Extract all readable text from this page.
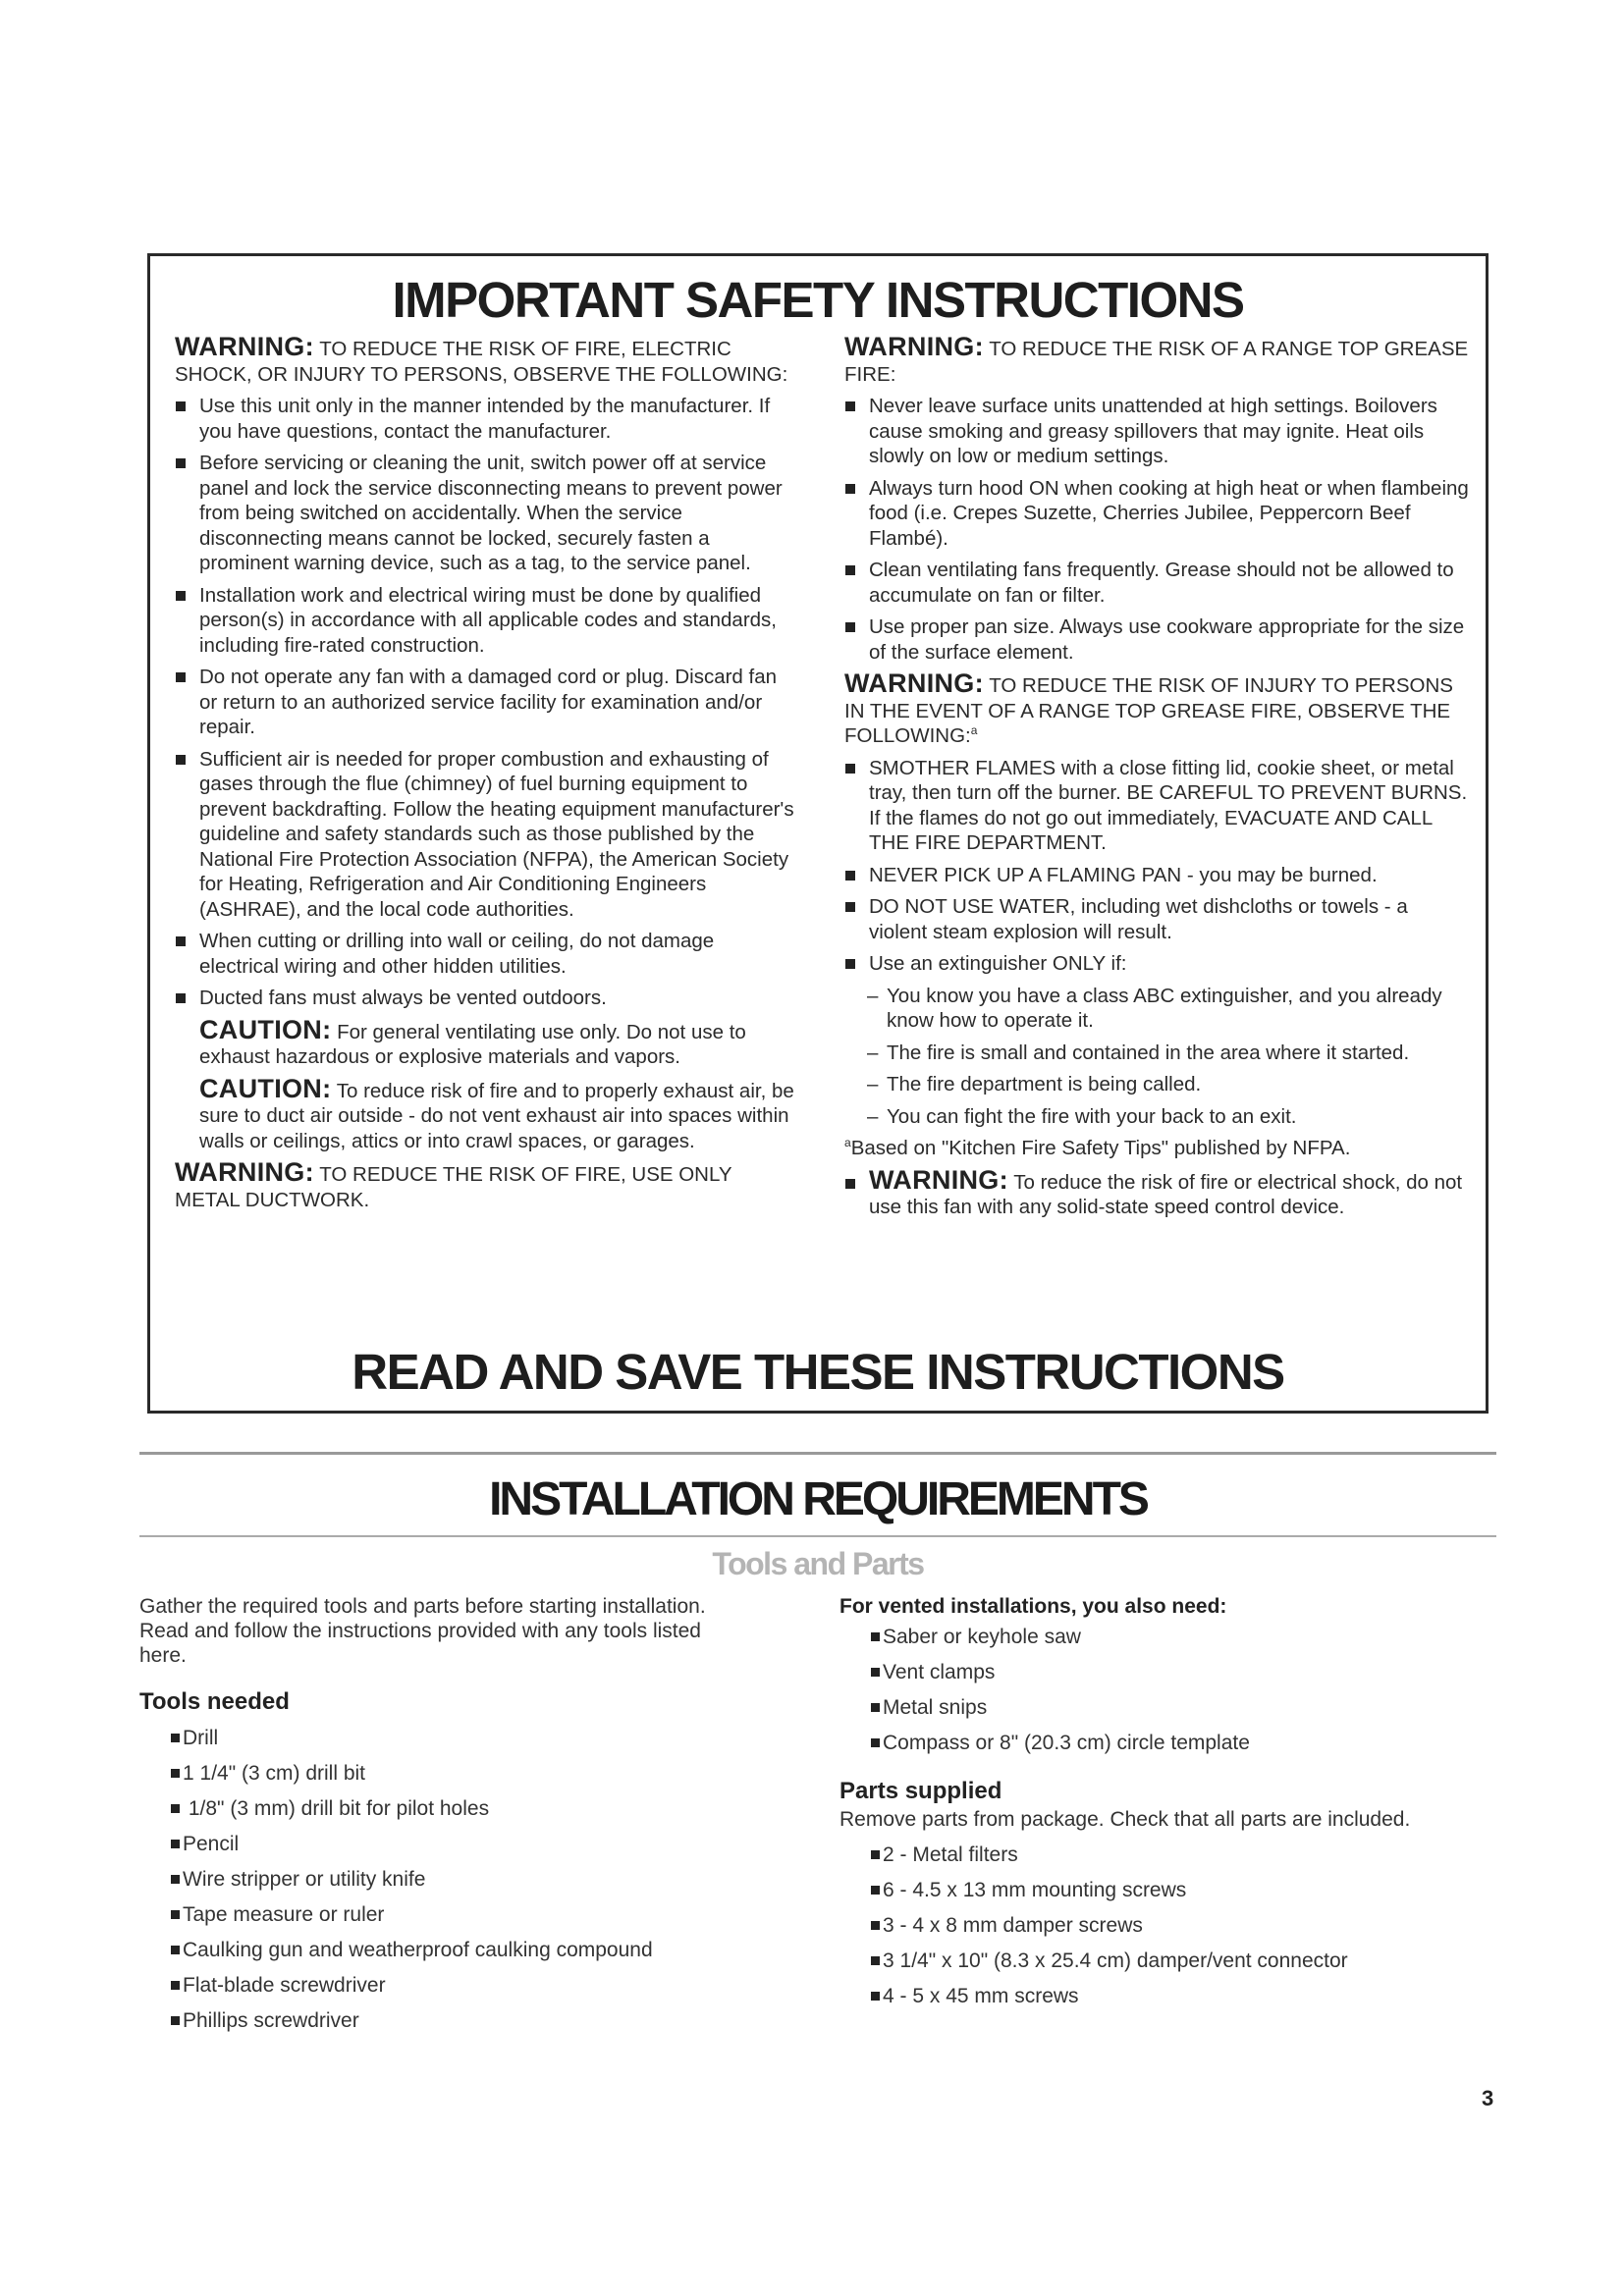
IMPORTANT SAFETY INSTRUCTIONS
WARNING: TO REDUCE THE RISK OF FIRE, ELECTRIC SHOCK, OR INJURY TO PERSONS, OBSERVE THE FOLLOWING:
Use this unit only in the manner intended by the manufacturer. If you have questions, contact the manufacturer.
Before servicing or cleaning the unit, switch power off at service panel and lock the service disconnecting means to prevent power from being switched on accidentally. When the service disconnecting means cannot be locked, securely fasten a prominent warning device, such as a tag, to the service panel.
Installation work and electrical wiring must be done by qualified person(s) in accordance with all applicable codes and standards, including fire-rated construction.
Do not operate any fan with a damaged cord or plug. Discard fan or return to an authorized service facility for examination and/or repair.
Sufficient air is needed for proper combustion and exhausting of gases through the flue (chimney) of fuel burning equipment to prevent backdrafting. Follow the heating equipment manufacturer's guideline and safety standards such as those published by the National Fire Protection Association (NFPA), the American Society for Heating, Refrigeration and Air Conditioning Engineers (ASHRAE), and the local code authorities.
When cutting or drilling into wall or ceiling, do not damage electrical wiring and other hidden utilities.
Ducted fans must always be vented outdoors.
CAUTION: For general ventilating use only. Do not use to exhaust hazardous or explosive materials and vapors.
CAUTION: To reduce risk of fire and to properly exhaust air, be sure to duct air outside - do not vent exhaust air into spaces within walls or ceilings, attics or into crawl spaces, or garages.
WARNING: TO REDUCE THE RISK OF FIRE, USE ONLY METAL DUCTWORK.
WARNING: TO REDUCE THE RISK OF A RANGE TOP GREASE FIRE:
Never leave surface units unattended at high settings. Boilovers cause smoking and greasy spillovers that may ignite. Heat oils slowly on low or medium settings.
Always turn hood ON when cooking at high heat or when flambeing food (i.e. Crepes Suzette, Cherries Jubilee, Peppercorn Beef Flambé).
Clean ventilating fans frequently. Grease should not be allowed to accumulate on fan or filter.
Use proper pan size. Always use cookware appropriate for the size of the surface element.
WARNING: TO REDUCE THE RISK OF INJURY TO PERSONS IN THE EVENT OF A RANGE TOP GREASE FIRE, OBSERVE THE FOLLOWING:$^a$
SMOTHER FLAMES with a close fitting lid, cookie sheet, or metal tray, then turn off the burner. BE CAREFUL TO PREVENT BURNS. If the flames do not go out immediately, EVACUATE AND CALL THE FIRE DEPARTMENT.
NEVER PICK UP A FLAMING PAN - you may be burned.
DO NOT USE WATER, including wet dishcloths or towels - a violent steam explosion will result.
Use an extinguisher ONLY if:
– You know you have a class ABC extinguisher, and you already know how to operate it.
– The fire is small and contained in the area where it started.
– The fire department is being called.
– You can fight the fire with your back to an exit.
$^a$Based on "Kitchen Fire Safety Tips" published by NFPA.
WARNING: To reduce the risk of fire or electrical shock, do not use this fan with any solid-state speed control device.
READ AND SAVE THESE INSTRUCTIONS
INSTALLATION REQUIREMENTS
Tools and Parts
Gather the required tools and parts before starting installation. Read and follow the instructions provided with any tools listed here.
Tools needed
Drill
1 1/4" (3 cm) drill bit
1/8" (3 mm) drill bit for pilot holes
Pencil
Wire stripper or utility knife
Tape measure or ruler
Caulking gun and weatherproof caulking compound
Flat-blade screwdriver
Phillips screwdriver
For vented installations, you also need:
Saber or keyhole saw
Vent clamps
Metal snips
Compass or 8" (20.3 cm) circle template
Parts supplied
Remove parts from package. Check that all parts are included.
2 - Metal filters
6 - 4.5 x 13 mm mounting screws
3 - 4 x 8 mm damper screws
3 1/4" x 10" (8.3 x 25.4 cm) damper/vent connector
4 - 5 x 45 mm screws
3
